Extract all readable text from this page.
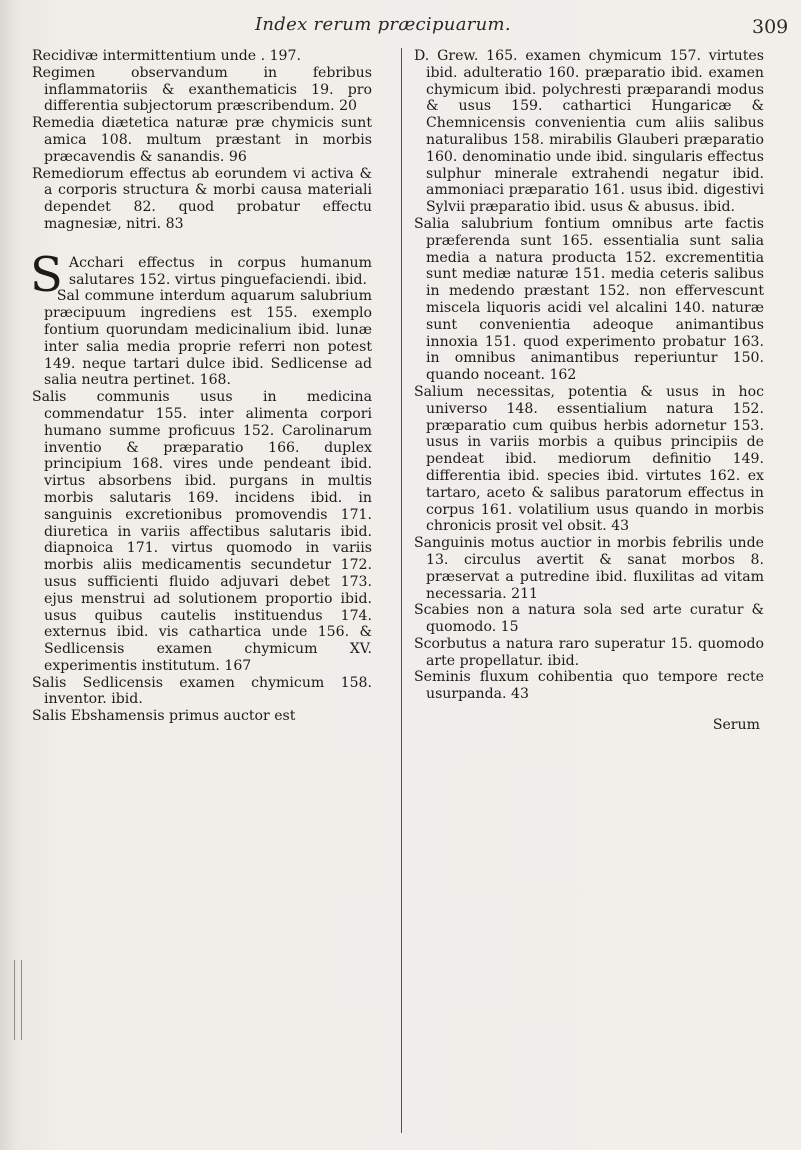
Index rerum præcipuarum.	309

Recidivæ intermittentium unde . 197.

Regimen observandum in febribus inflammatoriis & exanthematicis 19. pro differentia subjectorum præscribendum. 20

Remedia diætetica naturæ præ chymicis sunt amica 108. multum præstant in morbis præcavendis & sanandis. 96

Remediorum effectus ab eorundem vi activa & a corporis structura & morbi causa materiali dependet 82. quod probatur effectu magnesiæ, nitri. 83

S Acchari effectus in corpus humanum salutares 152. virtus pinguefaciendi. ibid.

Sal commune interdum aquarum salubrium præcipuum ingrediens est 155. exemplo fontium quorundam medicinalium ibid. lunæ inter salia media proprie referri non potest 149. neque tartari dulce ibid. Sedlicense ad salia neutra pertinet. 168.

Salis communis usus in medicina commendatur 155. inter alimenta corpori humano summe proficuus 152. Carolinarum inventio & præparatio 166. duplex principium 168. vires unde pendeant ibid. virtus absorbens ibid. purgans in multis morbis salutaris 169. incidens ibid. in sanguinis excretionibus promovendis 171. diuretica in variis affectibus salutaris ibid. diapnoica 171. virtus quomodo in variis morbis aliis medicamentis secundetur 172. usus sufficienti fluido adjuvari debet 173. ejus menstrui ad solutionem proportio ibid. usus quibus cautelis instituendus 174. externus ibid. vis cathartica unde 156. & Sedlicensis examen chymicum XV. experimentis institutum. 167

Salis Sedlicensis examen chymicum 158. inventor. ibid.

Salis Ebshamensis primus auctor est

D. Grew. 165. examen chymicum 157. virtutes ibid. adulteratio 160. præparatio ibid. examen chymicum ibid. polychresti præparandi modus & usus 159. cathartici Hungaricæ & Chemnicensis convenientia cum aliis salibus naturalibus 158. mirabilis Glauberi præparatio 160. denominatio unde ibid. singularis effectus sulphur minerale extrahendi negatur ibid. ammoniaci præparatio 161. usus ibid. digestivi Sylvii præparatio ibid. usus & abusus. ibid.

Salia salubrium fontium omnibus arte factis præferenda sunt 165. essentialia sunt salia media a natura producta 152. excrementitia sunt mediæ naturæ 151. media ceteris salibus in medendo præstant 152. non effervescunt miscela liquoris acidi vel alcalini 140. naturæ sunt convenientia adeoque animantibus innoxia 151. quod experimento probatur 163. in omnibus animantibus reperiuntur 150. quando noceant. 162

Salium necessitas, potentia & usus in hoc universo 148. essentialium natura 152. præparatio cum quibus herbis adornetur 153. usus in variis morbis a quibus principiis de pendeat ibid. mediorum definitio 149. differentia ibid. species ibid. virtutes 162. ex tartaro, aceto & salibus paratorum effectus in corpus 161. volatilium usus quando in morbis chronicis prosit vel obsit. 43

Sanguinis motus auctior in morbis febrilis unde 13. circulus avertit & sanat morbos 8. præservat a putredine ibid. fluxilitas ad vitam necessaria. 211

Scabies non a natura sola sed arte curatur & quomodo. 15

Scorbutus a natura raro superatur 15. quomodo arte propellatur. ibid.

Seminis fluxum cohibentia quo tempore recte usurpanda. 43

Serum
